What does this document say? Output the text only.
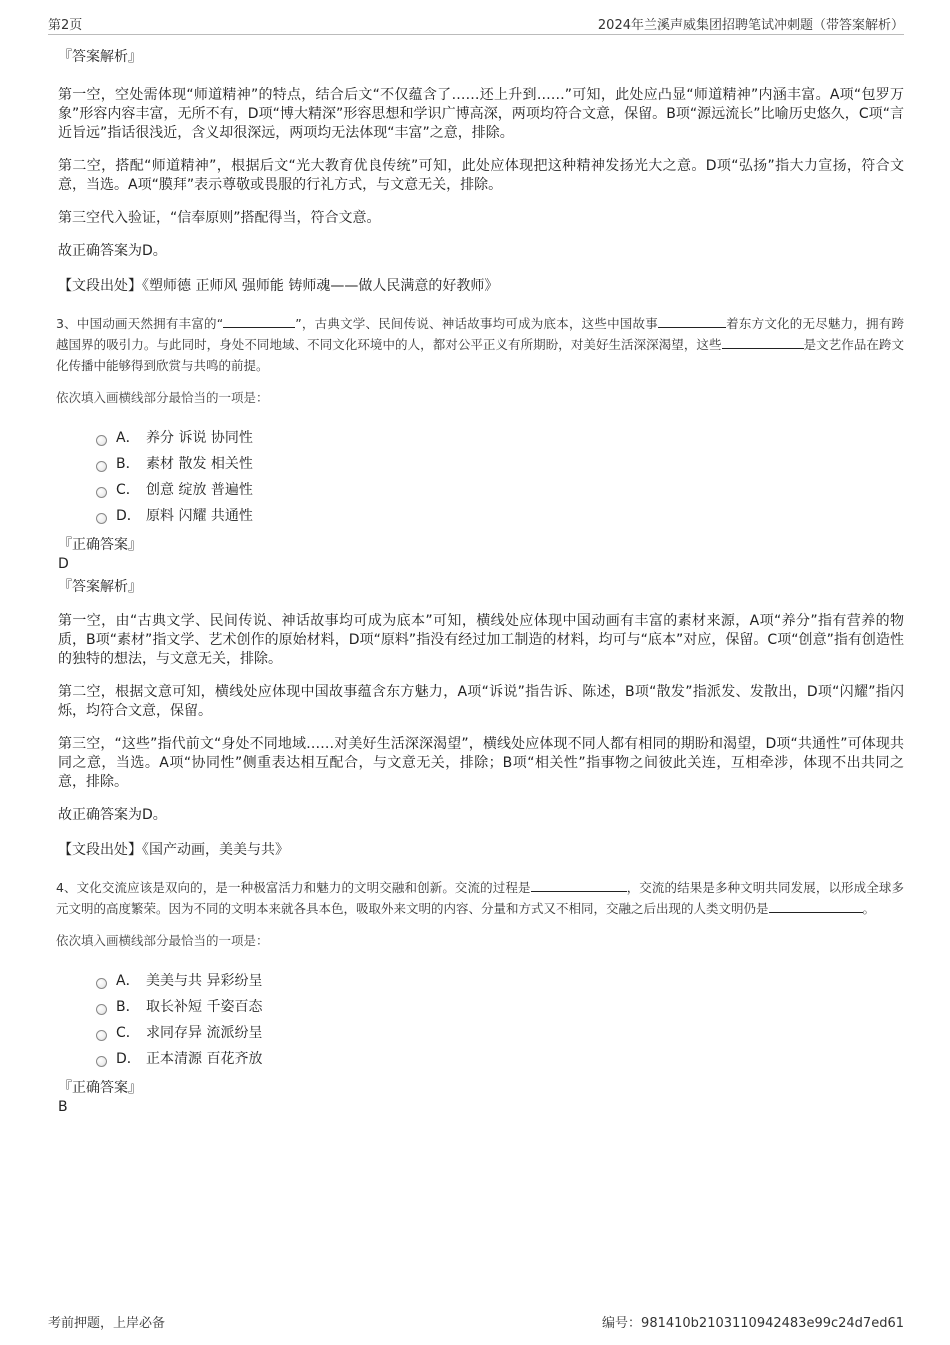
第2页	2024年兰溪声威集团招聘笔试冲刺题（带答案解析）
『答案解析』

第一空，空处需体现“师道精神”的特点，结合后文“不仅蕴含了……还上升到……”可知，此处应凸显“师道精神”内涵丰富。A项“包罗万象”形容内容丰富，无所不有，D项“博大精深”形容思想和学识广博高深，两项均符合文意，保留。B项“源远流长”比喻历史悠久，C项“言近旨远”指话很浅近，含义却很深远，两项均无法体现“丰富”之意，排除。

第二空，搭配“师道精神”，根据后文“光大教育优良传统”可知，此处应体现把这种精神发扬光大之意。D项“弘扬”指大力宣扬，符合文意，当选。A项“膜拜”表示尊敬或畏服的行礼方式，与文意无关，排除。

第三空代入验证，“信奉原则”搭配得当，符合文意。

故正确答案为D。

【文段出处】《塑师德 正师风 强师能 铸师魂——做人民满意的好教师》
3、中国动画天然拥有丰富的“	”，古典文学、民间传说、神话故事均可成为底本，这些中国故事	着东方文化的无尽魅力，拥有跨越国界的吸引力。与此同时，身处不同地域、不同文化环境中的人，都对公平正义有所期盼，对美好生活深深渴望，这些	是文艺作品在跨文化传播中能够得到欣赏与共鸣的前提。
依次填入画横线部分最恰当的一项是：
A． 养分 诉说 协同性
B． 素材 散发 相关性
C． 创意 绽放 普遍性
D． 原料 闪耀 共通性
『正确答案』
D
『答案解析』

第一空，由“古典文学、民间传说、神话故事均可成为底本”可知，横线处应体现中国动画有丰富的素材来源，A项“养分”指有营养的物质，B项“素材”指文学、艺术创作的原始材料，D项“原料”指没有经过加工制造的材料，均可与“底本”对应，保留。C项“创意”指有创造性的独特的想法，与文意无关，排除。

第二空，根据文意可知，横线处应体现中国故事蕴含东方魅力，A项“诉说”指告诉、陈述，B项“散发”指派发、发散出，D项“闪耀”指闪烁，均符合文意，保留。

第三空，“这些”指代前文“身处不同地域……对美好生活深深渴望”，横线处应体现不同人都有相同的期盼和渴望，D项“共通性”可体现共同之意，当选。A项“协同性”侧重表达相互配合，与文意无关，排除；B项“相关性”指事物之间彼此关连，互相牵涉，体现不出共同之意，排除。

故正确答案为D。

【文段出处】《国产动画，美美与共》
4、文化交流应该是双向的，是一种极富活力和魅力的文明交融和创新。交流的过程是	，交流的结果是多种文明共同发展，以形成全球多元文明的高度繁荣。因为不同的文明本来就各具本色，吸取外来文明的内容、分量和方式又不相同，交融之后出现的人类文明仍是	。
依次填入画横线部分最恰当的一项是：
A． 美美与共 异彩纷呈
B． 取长补短 千姿百态
C． 求同存异 流派纷呈
D． 正本清源 百花齐放
『正确答案』
B
考前押题，上岸必备	编号：981410b2103110942483e99c24d7ed61
